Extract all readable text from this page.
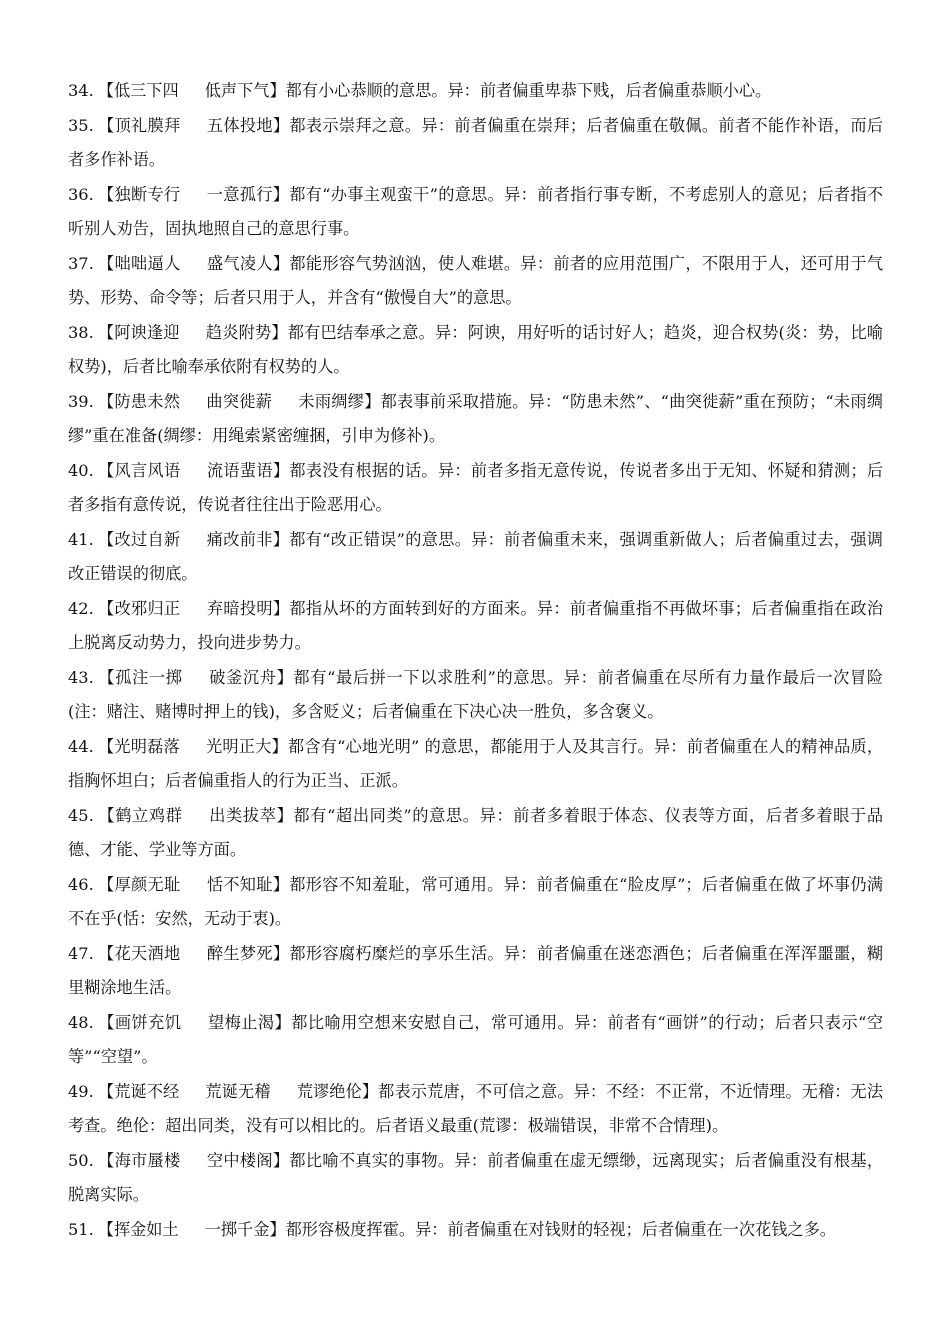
34. 【低三下四 低声下气】都有小心恭顺的意思。异：前者偏重卑恭下贱，后者偏重恭顺小心。

35. 【顶礼膜拜 五体投地】都表示崇拜之意。异：前者偏重在崇拜；后者偏重在敬佩。前者不能作补语，而后者多作补语。

36. 【独断专行 一意孤行】都有“办事主观蛮干”的意思。异：前者指行事专断，不考虑别人的意见；后者指不听别人劝告，固执地照自己的意思行事。

37. 【咄咄逼人 盛气凌人】都能形容气势汹汹，使人难堪。异：前者的应用范围广，不限用于人，还可用于气势、形势、命令等；后者只用于人，并含有“傲慢自大”的意思。

38. 【阿谀逢迎 趋炎附势】都有巴结奉承之意。异：阿谀，用好听的话讨好人；趋炎，迎合权势(炎：势，比喻权势)，后者比喻奉承依附有权势的人。

39. 【防患未然 曲突徙薪 未雨绸缪】都表事前采取措施。异：“防患未然”、“曲突徙薪”重在预防；“未雨绸缪”重在准备(绸缪：用绳索紧密缠捆，引申为修补)。

40. 【风言风语 流语蜚语】都表没有根据的话。异：前者多指无意传说，传说者多出于无知、怀疑和猜测；后者多指有意传说，传说者往往出于险恶用心。

41. 【改过自新 痛改前非】都有“改正错误”的意思。异：前者偏重未来，强调重新做人；后者偏重过去，强调改正错误的彻底。

42. 【改邪归正 弃暗投明】都指从坏的方面转到好的方面来。异：前者偏重指不再做坏事；后者偏重指在政治上脱离反动势力，投向进步势力。

43. 【孤注一掷 破釜沉舟】都有“最后拼一下以求胜利”的意思。异：前者偏重在尽所有力量作最后一次冒险(注：赌注、赌博时押上的钱)，多含贬义；后者偏重在下决心决一胜负，多含褒义。

44. 【光明磊落 光明正大】都含有“心地光明” 的意思，都能用于人及其言行。异：前者偏重在人的精神品质，指胸怀坦白；后者偏重指人的行为正当、正派。

45. 【鹤立鸡群 出类拔萃】都有“超出同类”的意思。异：前者多着眼于体态、仪表等方面，后者多着眼于品德、才能、学业等方面。

46. 【厚颜无耻 恬不知耻】都形容不知羞耻，常可通用。异：前者偏重在“脸皮厚”；后者偏重在做了坏事仍满不在乎(恬：安然，无动于衷)。

47. 【花天酒地 醉生梦死】都形容腐朽糜烂的享乐生活。异：前者偏重在迷恋酒色；后者偏重在浑浑噩噩，糊里糊涂地生活。

48. 【画饼充饥 望梅止渴】都比喻用空想来安慰自己，常可通用。异：前者有“画饼”的行动；后者只表示“空等”“空望”。

49. 【荒诞不经 荒诞无稽 荒谬绝伦】都表示荒唐，不可信之意。异：不经：不正常，不近情理。无稽：无法考查。绝伦：超出同类，没有可以相比的。后者语义最重(荒谬：极端错误，非常不合情理)。

50. 【海市蜃楼 空中楼阁】都比喻不真实的事物。异：前者偏重在虚无缥缈，远离现实；后者偏重没有根基，脱离实际。

51. 【挥金如土 一掷千金】都形容极度挥霍。异：前者偏重在对钱财的轻视；后者偏重在一次花钱之多。
